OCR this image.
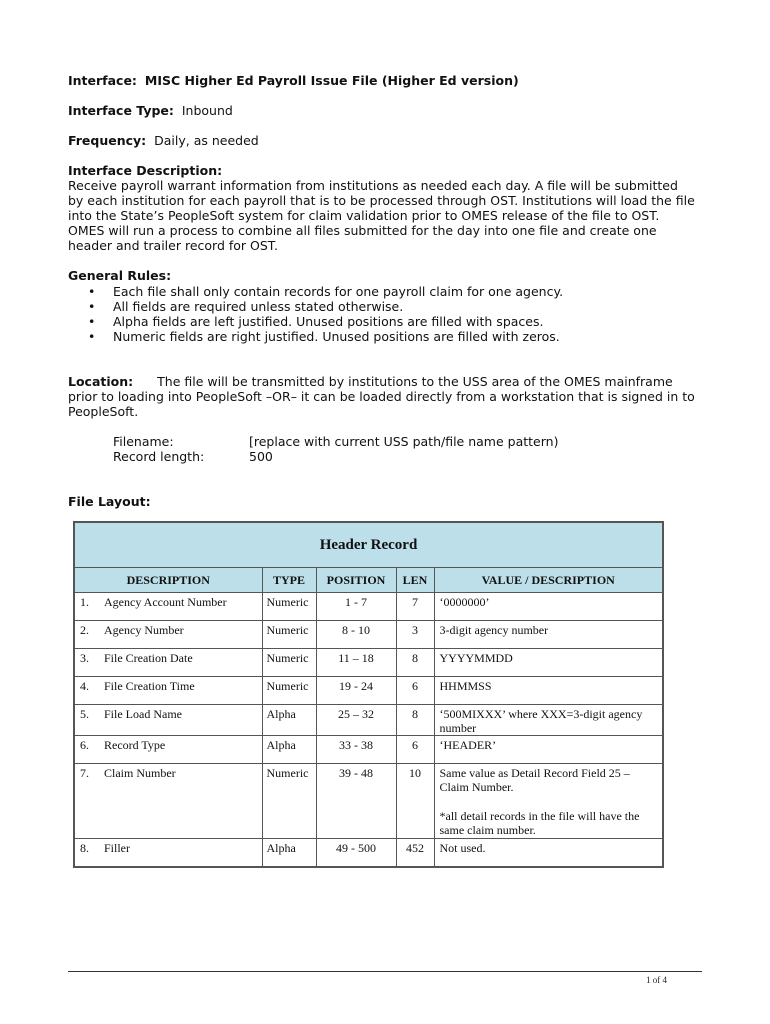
Interface: MISC Higher Ed Payroll Issue File (Higher Ed version)
Interface Type: Inbound
Frequency: Daily, as needed
Interface Description:
Receive payroll warrant information from institutions as needed each day. A file will be submitted
by each institution for each payroll that is to be processed through OST. Institutions will load the file
into the State’s PeopleSoft system for claim validation prior to OMES release of the file to OST.
OMES will run a process to combine all files submitted for the day into one file and create one
header and trailer record for OST.
General Rules:
• Each file shall only contain records for one payroll claim for one agency.
• All fields are required unless stated otherwise.
• Alpha fields are left justified. Unused positions are filled with spaces.
• Numeric fields are right justified. Unused positions are filled with zeros.
Location: The file will be transmitted by institutions to the USS area of the OMES mainframe
prior to loading into PeopleSoft –OR– it can be loaded directly from a workstation that is signed in to
PeopleSoft.
Filename:	[replace with current USS path/file name pattern)
Record length:	500
File Layout:
Header Record				
DESCRIPTION	TYPE	POSITION	LEN	VALUE / DESCRIPTION
1. Agency Account Number	Numeric	1 - 7	7	‘0000000’

2. Agency Number	Numeric	8 - 10	3	3-digit agency number

3. File Creation Date	Numeric	11 – 18	8	YYYYMMDD

4. File Creation Time	Numeric	19 - 24	6	HHMMSS

5. File Load Name	Alpha	25 – 32	8	‘500MIXXX’ where XXX=3-digit agency number

6. Record Type	Alpha	33 - 38	6	‘HEADER’

7. Claim Number	Numeric	39 - 48	10	Same value as Detail Record Field 25 – Claim Number.
*all detail records in the file will have the same claim number.

8. Filler	Alpha	49 - 500	452	Not used.
1 of 4
